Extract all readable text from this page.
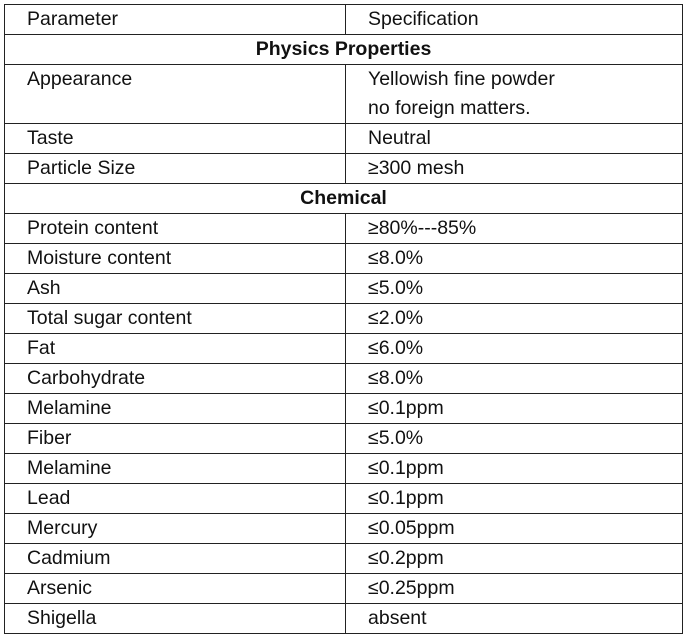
Parameter	Specification
Physics Properties	
Appearance	Yellowish fine powder
no foreign matters.

Taste	Neutral
Particle Size	≥300 mesh
Chemical	
Protein content	≥80%---85%
Moisture content	≤8.0%
Ash	≤5.0%
Total sugar content	≤2.0%
Fat	≤6.0%
Carbohydrate	≤8.0%
Melamine	≤0.1ppm
Fiber	≤5.0%
Melamine	≤0.1ppm
Lead	≤0.1ppm
Mercury	≤0.05ppm
Cadmium	≤0.2ppm
Arsenic	≤0.25ppm
Shigella	absent
